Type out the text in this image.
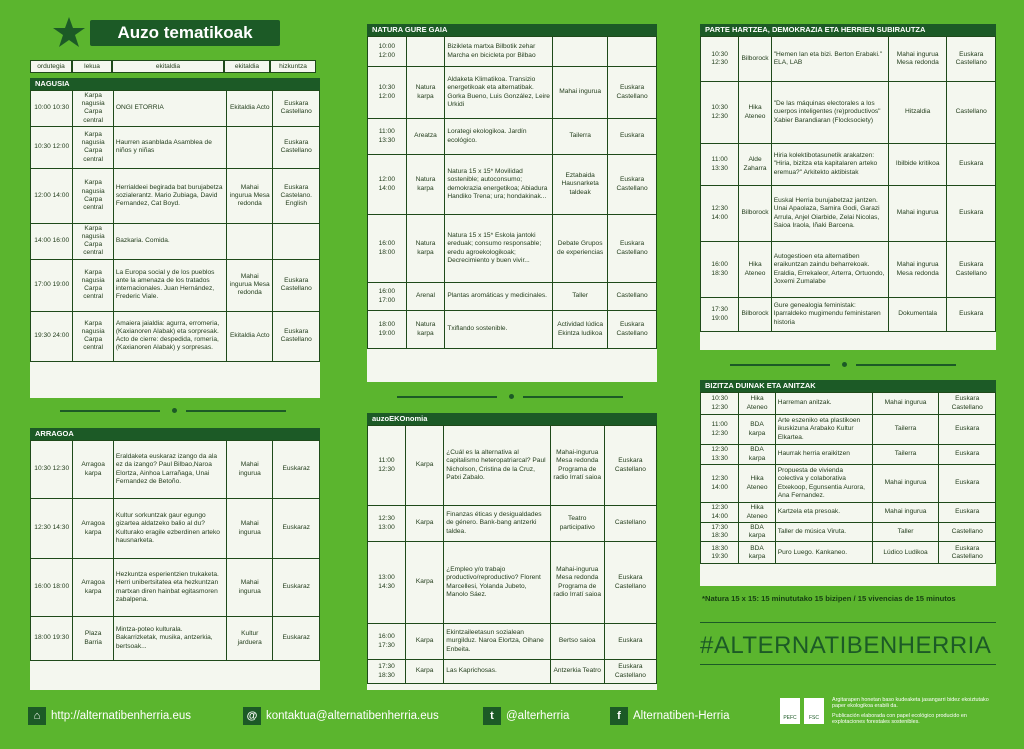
Auzo tematikoak
ordutegia	lekua	ekitaldia	ekitaldia	hizkuntza
NAGUSIA
10:00 10:30	Karpa nagusia Carpa central	ONGI ETORRIA	Ekitaldia Acto	Euskara Castellano
10:30 12:00	Karpa nagusia Carpa central	Haurren asanblada Asamblea de niños y niñas		Euskara Castellano
12:00 14:00	Karpa nagusia Carpa central	Herrialdeei begirada bat burujabetza sozialerantz. Mario Zubiaga, David Fernandez, Cat Boyd.	Mahai ingurua Mesa redonda	Euskara Castelano. English
14:00 16:00	Karpa nagusia Carpa central	Bazkaria. Comida.		
17:00 19:00	Karpa nagusia Carpa central	La Europa social y de los pueblos ante la amenaza de los tratados internacionales. Juan Hernández, Frederic Viale.	Mahai ingurua Mesa redonda	Euskara Castellano
19:30 24:00	Karpa nagusia Carpa central	Amaiera jaialdia: agurra, erromeria, (Kaxianoren Alabak) eta sorpresak. Acto de cierre: despedida, romería, (Kaxianoren Alabak) y sorpresas.	Ekitaldia Acto	Euskara Castellano
ARRAGOA
10:30 12:30	Arragoa karpa	Eraldaketa euskaraz izango da ala ez da izango? Paul Bilbao,Naroa Elortza, Ainhoa Larrañaga, Unai Fernandez de Betoño.	Mahai ingurua	Euskaraz
12:30 14:30	Arragoa karpa	Kultur sorkuntzak gaur egungo gizartea aldatzeko balio al du? Kulturako eragile ezberdinen arteko hausnarketa.	Mahai ingurua	Euskaraz
16:00 18:00	Arragoa karpa	Hezkuntza esperientzien trukaketa. Herri unibertsitatea eta hezkuntzan martxan diren hainbat egitasmoren zabalpena.	Mahai ingurua	Euskaraz
18:00 19:30	Plaza Barria	Mintza-poteo kulturala. Bakarrizketak, musika, antzerkia, bertsoak...	Kultur jarduera	Euskaraz
NATURA GURE GAIA
10:00 12:00		Bizikleta martxa Bilbotik zehar Marcha en bicicleta por Bilbao		
10:30 12:00	Natura karpa	Aldaketa Klimatikoa. Transizio energetikoak eta alternatibak. Gorka Bueno, Luis González, Leire Urkidi	Mahai ingurua	Euskara Castellano
11:00 13:30	Areatza	Lorategi ekologikoa. Jardín ecológico.	Tailerra	Euskara
12:00 14:00	Natura karpa	Natura 15 x 15* Movilidad sostenible; autoconsumo; demokrazia energetikoa; Abiadura Handiko Trena; ura; hondakinak...	Eztabaida Hausnarketa taldeak	Euskara Castellano
16:00 18:00	Natura karpa	Natura 15 x 15* Eskola jantoki ereduak; consumo responsable; eredu agroekologikoak; Decrecimiento y buen vivir...	Debate Grupos de experiencias	Euskara Castellano
16:00 17:00	Arenal	Plantas aromáticas y medicinales.	Taller	Castellano
18:00 19:00	Natura karpa	Txiflando sostenible.	Actividad lúdica Ekintza ludikoa	Euskara Castellano
auzoEKOnomia
11:00 12:30	Karpa	¿Cuál es la alternativa al capitalismo heteropatriarcal? Paul Nicholson, Cristina de la Cruz, Patxi Zabalo.	Mahai-ingurua Mesa redonda Programa de radio Irratí saioa	Euskara Castellano
12:30 13:00	Karpa	Finanzas éticas y desigualdades de género. Bank-bang antzerki taldea.	Teatro participativo	Castellano
13:00 14:30	Karpa	¿Empleo y/o trabajo productivo/reproductivo? Florent Marcellesi, Yolanda Jubeto, Manolo Sáez.	Mahai-ingurua Mesa redonda Programa de radio Irratí saioa	Euskara Castellano
16:00 17:30	Karpa	Ekintzaileetasun sozialean murgilduz. Naroa Elortza, Oihane Enbeita.	Bertso saioa	Euskara
17:30 18:30	Karpa	Las Kaprichosas.	Antzerkia Teatro	Euskara Castellano
PARTE HARTZEA, DEMOKRAZIA ETA HERRIEN SUBIRAUTZA
10:30 12:30	Bilborock	"Hemen lan eta bizi. Berton Erabaki." ELA, LAB	Mahai ingurua Mesa redonda	Euskara Castellano
10:30 12:30	Hika Ateneo	"De las máquinas electorales a los cuerpos inteligentes (re)productivos" Xabier Barandiaran (Flocksociety)	Hitzaldia	Castellano
11:00 13:30	Alde Zaharra	Hiria kolektibotasunetik arakatzen: "Hiria, bizitza eta kapitalaren arteko eremua?" Arkitekto aktibistak	Ibilbide kritikoa	Euskara
12:30 14:00	Bilborock	Euskal Herria burujabetzaz jantzen. Unai Apaolaza, Samira Godi, Garazi Arrula, Anjel Oiarbide, Zelai Nicolas, Saioa Iraola, Iñaki Barcena.	Mahai ingurua	Euskara
16:00 18:30	Hika Ateneo	Autogestioen eta alternatiben eraikuntzan zaindu beharrekoak. Eraldia, Errekaleor, Arterra, Ortuondo, Joxemi Zumalabe	Mahai ingurua Mesa redonda	Euskara Castellano
17:30 19:00	Bilborock	Gure genealogia feministak: Iparraldeko mugimendu feministaren historia	Dokumentala	Euskara
BIZITZA DUINAK ETA ANITZAK
10:30 12:30	Hika Ateneo	Harreman anitzak.	Mahai ingurua	Euskara Castellano
11:00 12:30	BDA karpa	Arte eszeniko eta plastikoen ikuskizuna Arabako Kultur Elkartea.	Tailerra	Euskara
12:30 13:30	BDA karpa	Haurrak herria eraikitzen	Tailerra	Euskara
12:30 14:00	Hika Ateneo	Propuesta de vivienda colectiva y colaborativa Etxekoop, Egunsentia Aurora, Ana Fernandez.	Mahai ingurua	Euskara
12:30 14:00	Hika Ateneo	Kartzela eta presoak.	Mahai ingurua	Euskara
17:30 18:30	BDA karpa	Taller de música Viruta.	Taller	Castellano
18:30 19:30	BDA karpa	Puro Luego. Kankaneo.	Lúdico Ludikoa	Euskara Castellano
*Natura 15 x 15: 15 minututako 15 bizipen / 15 vivencias de 15 minutos
#ALTERNATIBENHERRIA
⌂ http://alternatibenherria.eus	@ kontaktua@alternatibenherria.eus	t	@alterherria	f	Alternatiben-Herria	PEFC	FSC
Argitarapen honetan baso kudeaketa jasangarri bidez ekoiztutako paper ekologikoa erabili da.
Publicación elaborada con papel ecológico producido en explotaciones forestales sostenibles.
